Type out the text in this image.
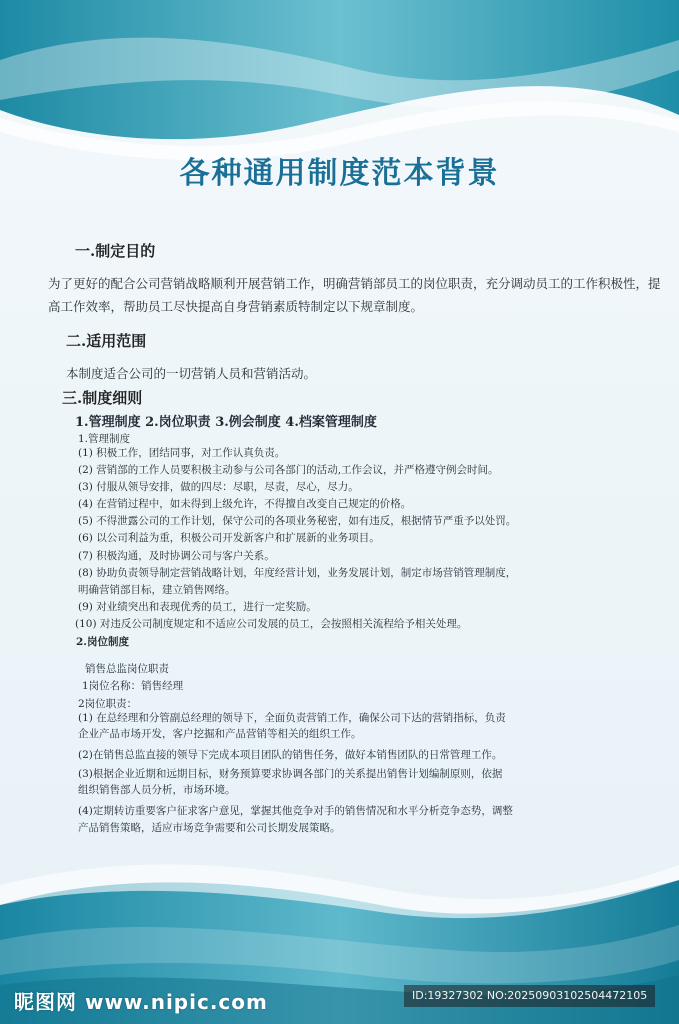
各种通用制度范本背景
一.制定目的
为了更好的配合公司营销战略顺利开展营销工作，明确营销部员工的岗位职责，充分调动员工的工作积极性，提高工作效率，帮助员工尽快提高自身营销素质特制定以下规章制度。
二.适用范围
本制度适合公司的一切营销人员和营销活动。
三.制度细则
1.管理制度 2.岗位职责 3.例会制度 4.档案管理制度
1.管理制度
(1) 积极工作，团结同事，对工作认真负责。
(2) 营销部的工作人员要积极主动参与公司各部门的活动,工作会议，并严格遵守例会时间。
(3) 付服从领导安排，做的四尽：尽职，尽责，尽心，尽力。
(4) 在营销过程中，如未得到上级允许，不得擅自改变自己规定的价格。
(5) 不得泄露公司的工作计划，保守公司的各项业务秘密，如有违反，根据情节严重予以处罚。
(6) 以公司利益为重，积极公司开发新客户和扩展新的业务项目。
(7) 积极沟通，及时协调公司与客户关系。
(8) 协助负责领导制定营销战略计划，年度经营计划，业务发展计划，制定市场营销管理制度，
明确营销部目标，建立销售网络。
(9) 对业绩突出和表现优秀的员工，进行一定奖励。
(10) 对违反公司制度规定和不适应公司发展的员工，会按照相关流程给予相关处理。
2.岗位制度
销售总监岗位职责
1岗位名称：销售经理
2岗位职责：
(1) 在总经理和分管副总经理的领导下，全面负责营销工作，确保公司下达的营销指标，负责
企业产品市场开发，客户挖掘和产品营销等相关的组织工作。
(2)在销售总监直接的领导下完成本项目团队的销售任务，做好本销售团队的日常管理工作。
(3)根据企业近期和远期目标，财务预算要求协调各部门的关系提出销售计划编制原则，依据
组织销售部人员分析，市场环境。
(4)定期转访重要客户征求客户意见，掌握其他竞争对手的销售情况和水平分析竞争态势，调整
产品销售策略，适应市场竞争需要和公司长期发展策略。
昵图网 www.nipic.com	ID:19327302 NO:20250903102504472105
